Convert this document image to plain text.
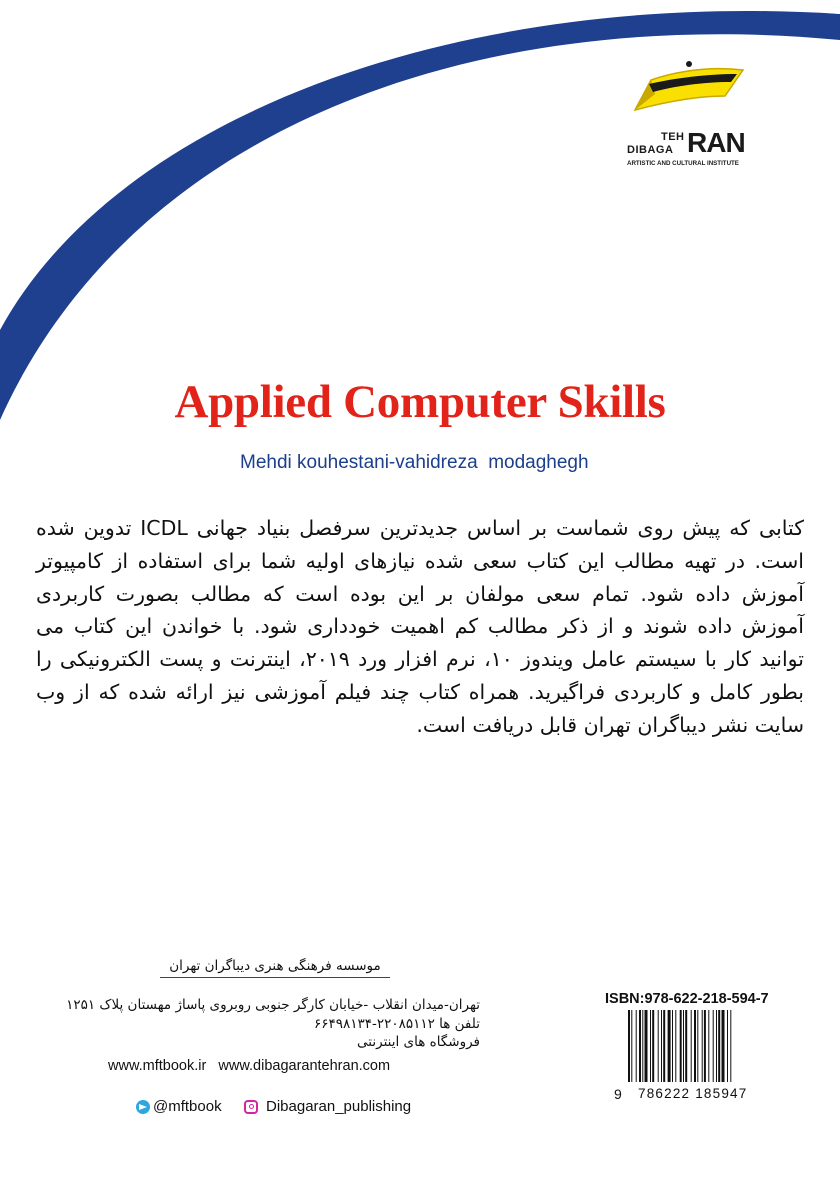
TEH
DIBAGA RAN
ARTISTIC AND CULTURAL INSTITUTE
Applied Computer Skills
Mehdi kouhestani-vahidreza  modaghegh
کتابی که پیش روی شماست بر اساس جدیدترین سرفصل بنیاد جهانی ICDL تدوین شده است. در تهیه مطالب این کتاب سعی شده نیازهای اولیه شما برای استفاده از کامپیوتر آموزش داده شود. تمام سعی مولفان بر این بوده است که مطالب بصورت کاربردی آموزش داده شوند و از ذکر مطالب کم اهمیت خودداری شود. با خواندن این کتاب می توانید کار با سیستم عامل ویندوز ۱۰، نرم افزار ورد ۲۰۱۹، اینترنت و پست الکترونیکی را بطور کامل و کاربردی فراگیرید. همراه کتاب چند فیلم آموزشی نیز ارائه شده که از وب سایت نشر دیباگران تهران قابل دریافت است.
موسسه فرهنگی هنری دیباگران تهران
تهران-میدان انقلاب -خیابان کارگر جنوبی روبروی پاساژ مهستان پلاک ۱۲۵۱
تلفن ها ۲۲۰۸۵۱۱۲-۶۶۴۹۸۱۳۴
فروشگاه های اینترنتی
www.mftbook.ir   www.dibagarantehran.com
@mftbook	Dibagaran_publishing
ISBN:978-622-218-594-7
9 786222 185947
